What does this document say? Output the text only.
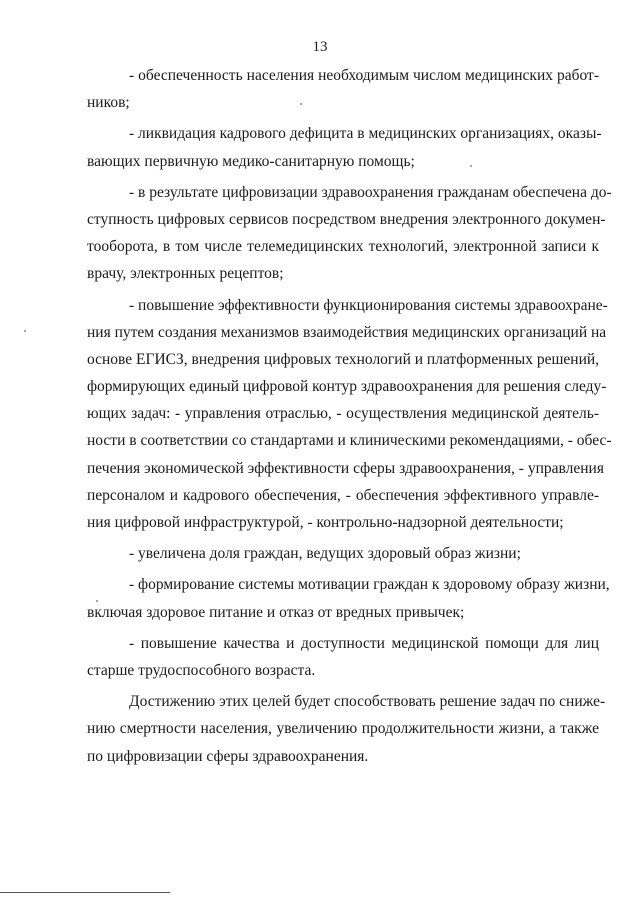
13

- обеспеченность населения необходимым числом медицинских работ-
ников;

- ликвидация кадрового дефицита в медицинских организациях, оказы-
вающих первичную медико-санитарную помощь;

- в результате цифровизации здравоохранения гражданам обеспечена до-
ступность цифровых сервисов посредством внедрения электронного докумен-
тооборота, в том числе телемедицинских технологий, электронной записи к
врачу, электронных рецептов;

- повышение эффективности функционирования системы здравоохране-
ния путем создания механизмов взаимодействия медицинских организаций на
основе ЕГИСЗ, внедрения цифровых технологий и платформенных решений,
формирующих единый цифровой контур здравоохранения для решения следу-
ющих задач: - управления отраслью, - осуществления медицинской деятель-
ности в соответствии со стандартами и клиническими рекомендациями, - обес-
печения экономической эффективности сферы здравоохранения, - управления
персоналом и кадрового обеспечения, - обеспечения эффективного управле-
ния цифровой инфраструктурой, - контрольно-надзорной деятельности;

- увеличена доля граждан, ведущих здоровый образ жизни;

- формирование системы мотивации граждан к здоровому образу жизни,
включая здоровое питание и отказ от вредных привычек;

- повышение качества и доступности медицинской помощи для лиц
старше трудоспособного возраста.

Достижению этих целей будет способствовать решение задач по сниже-
нию смертности населения, увеличению продолжительности жизни, а также
по цифровизации сферы здравоохранения.
